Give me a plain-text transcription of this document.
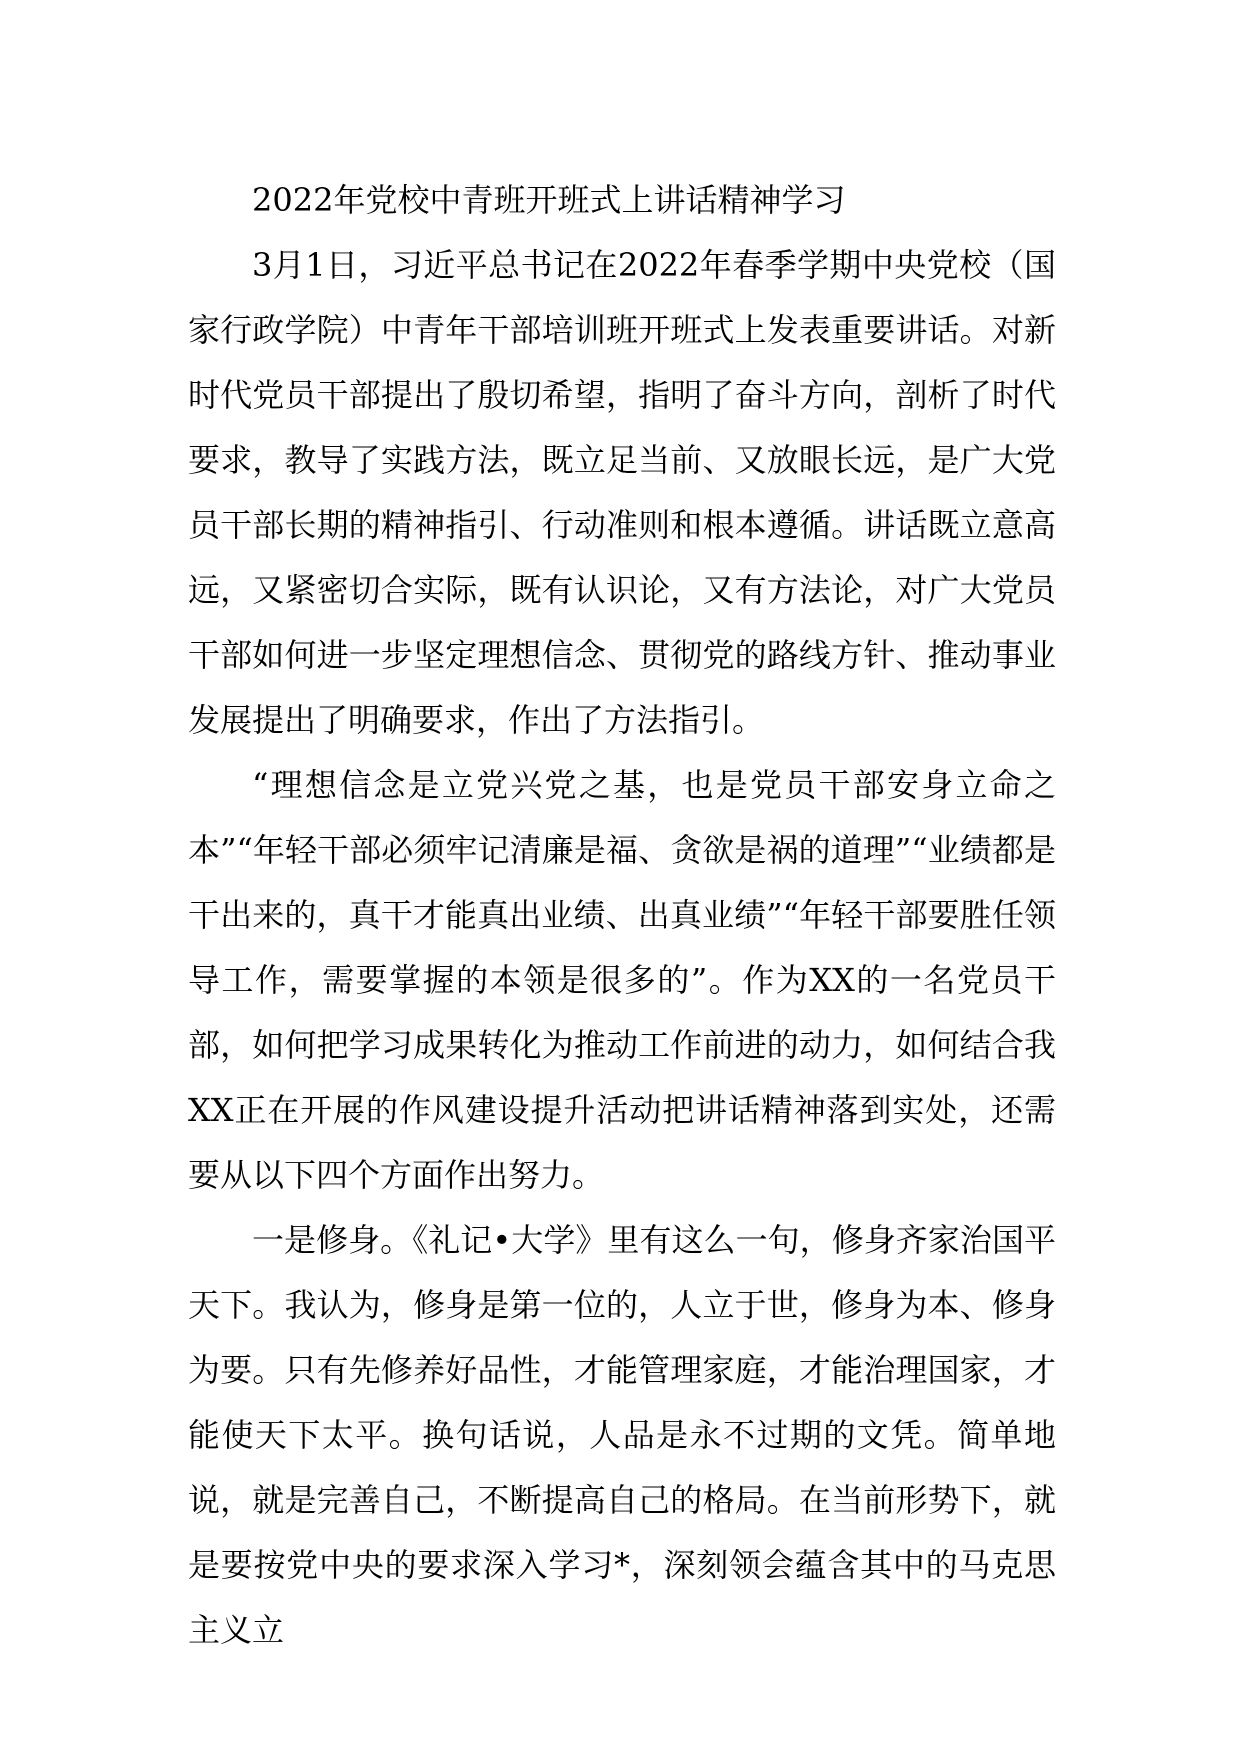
2022年党校中青班开班式上讲话精神学习

3月1日，习近平总书记在2022年春季学期中央党校（国家行政学院）中青年干部培训班开班式上发表重要讲话。对新时代党员干部提出了殷切希望，指明了奋斗方向，剖析了时代要求，教导了实践方法，既立足当前、又放眼长远，是广大党员干部长期的精神指引、行动准则和根本遵循。讲话既立意高远，又紧密切合实际，既有认识论，又有方法论，对广大党员干部如何进一步坚定理想信念、贯彻党的路线方针、推动事业发展提出了明确要求，作出了方法指引。

“理想信念是立党兴党之基，也是党员干部安身立命之本”“年轻干部必须牢记清廉是福、贪欲是祸的道理”“业绩都是干出来的，真干才能真出业绩、出真业绩”“年轻干部要胜任领导工作，需要掌握的本领是很多的”。作为XX的一名党员干部，如何把学习成果转化为推动工作前进的动力，如何结合我XX正在开展的作风建设提升活动把讲话精神落到实处，还需要从以下四个方面作出努力。

一是修身。《礼记•大学》里有这么一句，修身齐家治国平天下。我认为，修身是第一位的，人立于世，修身为本、修身为要。只有先修养好品性，才能管理家庭，才能治理国家，才能使天下太平。换句话说，人品是永不过期的文凭。简单地说，就是完善自己，不断提高自己的格局。在当前形势下，就是要按党中央的要求深入学习*，深刻领会蕴含其中的马克思主义立
